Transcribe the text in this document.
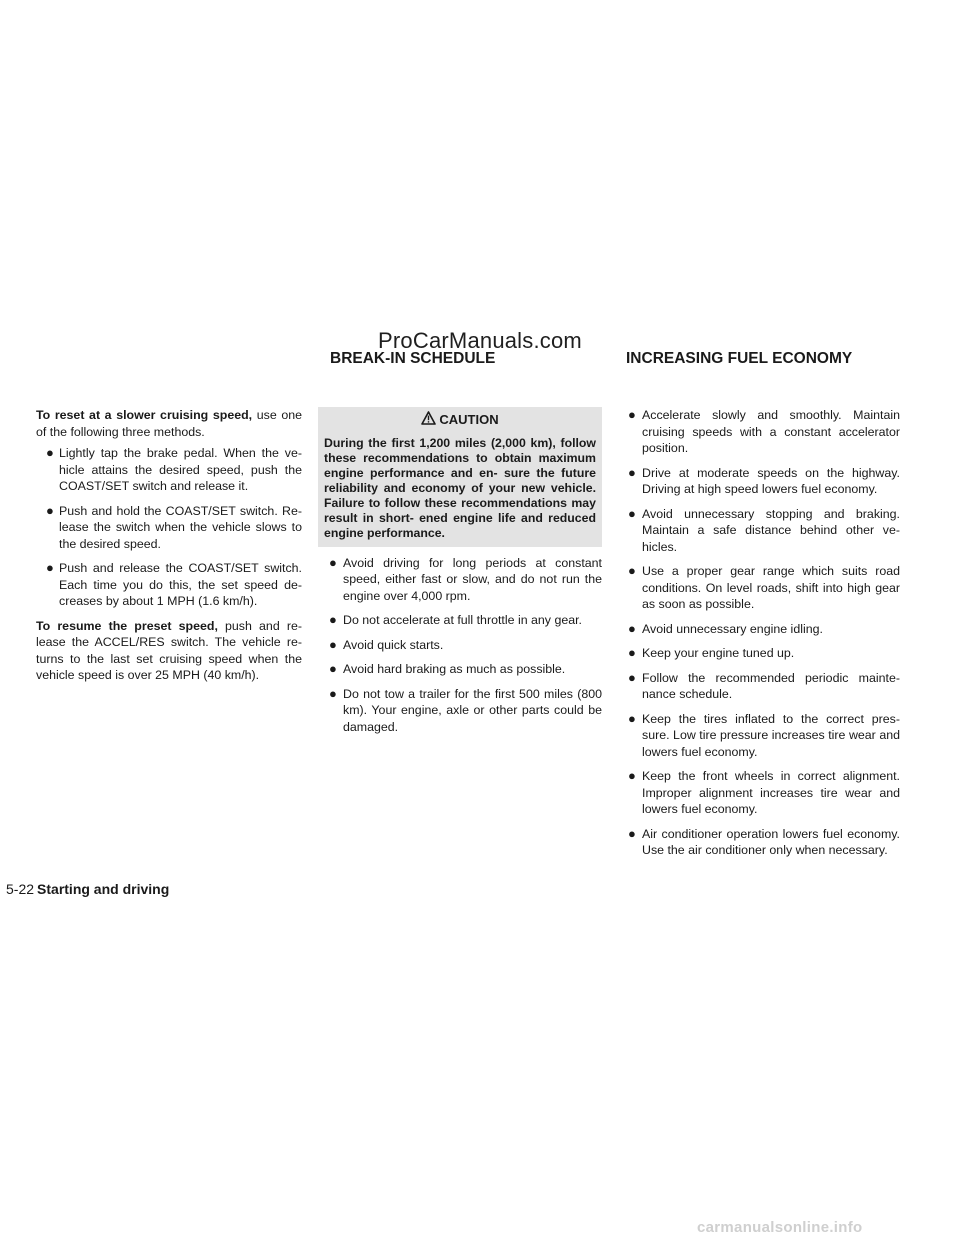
ProCarManuals.com
BREAK-IN SCHEDULE	INCREASING FUEL ECONOMY

To reset at a slower cruising speed, use one of the following three methods.

● Lightly tap the brake pedal. When the ve- hicle attains the desired speed, push the COAST/SET switch and release it.
● Push and hold the COAST/SET switch. Re- lease the switch when the vehicle slows to the desired speed.
● Push and release the COAST/SET switch. Each time you do this, the set speed de- creases by about 1 MPH (1.6 km/h).

To resume the preset speed, push and re- lease the ACCEL/RES switch. The vehicle re- turns to the last set cruising speed when the vehicle speed is over 25 MPH (40 km/h).

CAUTION
During the first 1,200 miles (2,000 km), follow these recommendations to obtain maximum engine performance and en- sure the future reliability and economy of your new vehicle. Failure to follow these recommendations may result in short- ened engine life and reduced engine performance.
● Avoid driving for long periods at constant speed, either fast or slow, and do not run the engine over 4,000 rpm.
● Do not accelerate at full throttle in any gear.
● Avoid quick starts.
● Avoid hard braking as much as possible.
● Do not tow a trailer for the first 500 miles (800 km). Your engine, axle or other parts could be damaged.
● Accelerate slowly and smoothly. Maintain cruising speeds with a constant accelerator position.
● Drive at moderate speeds on the highway. Driving at high speed lowers fuel economy.
● Avoid unnecessary stopping and braking. Maintain a safe distance behind other ve- hicles.
● Use a proper gear range which suits road conditions. On level roads, shift into high gear as soon as possible.
● Avoid unnecessary engine idling.
● Keep your engine tuned up.
● Follow the recommended periodic mainte- nance schedule.
● Keep the tires inflated to the correct pres- sure. Low tire pressure increases tire wear and lowers fuel economy.
● Keep the front wheels in correct alignment. Improper alignment increases tire wear and lowers fuel economy.
● Air conditioner operation lowers fuel economy. Use the air conditioner only when necessary.
5-22 Starting and driving
carmanualsonline.info
